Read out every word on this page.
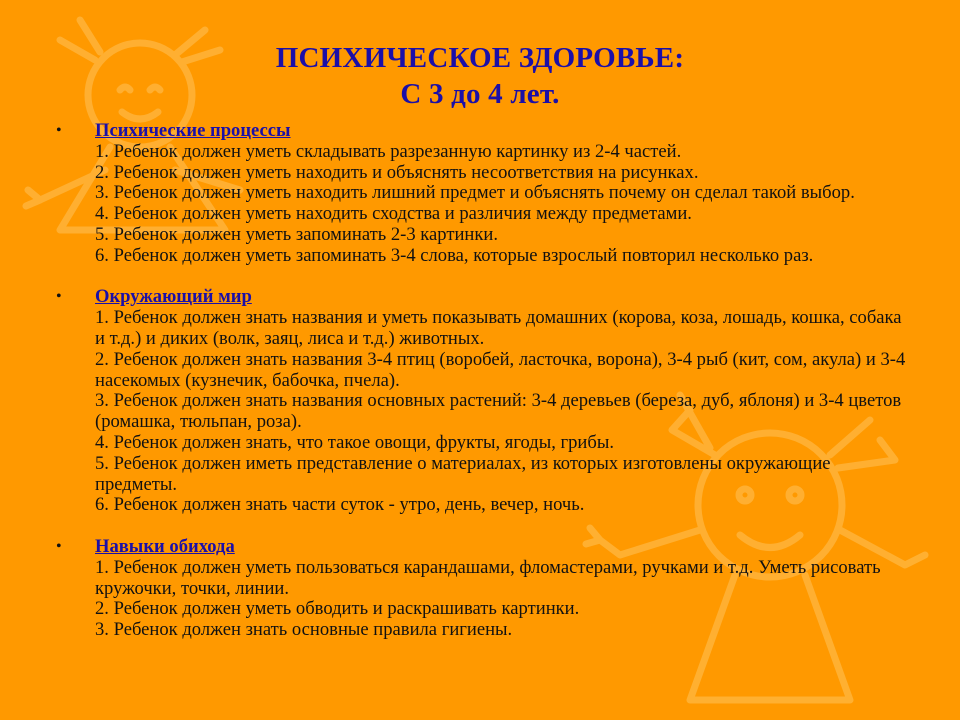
ПСИХИЧЕСКОЕ ЗДОРОВЬЕ:
С 3 до 4 лет.
• Психические процессы
1. Ребенок должен уметь складывать разрезанную картинку из 2-4 частей.
2. Ребенок должен уметь находить и объяснять несоответствия на рисунках.
3. Ребенок должен уметь находить лишний предмет и объяснять почему он сделал такой выбор.
4. Ребенок должен уметь находить сходства и различия между предметами.
5. Ребенок должен уметь запоминать 2-3 картинки.
6. Ребенок должен уметь запоминать 3-4 слова, которые взрослый повторил несколько раз.
• Окружающий мир
1. Ребенок должен знать названия и уметь показывать домашних (корова, коза, лошадь, кошка, собака и т.д.) и диких (волк, заяц, лиса и т.д.) животных.
2. Ребенок должен знать названия 3-4 птиц (воробей, ласточка, ворона), 3-4 рыб (кит, сом, акула) и 3-4 насекомых (кузнечик, бабочка, пчела).
3. Ребенок должен знать названия основных растений: 3-4 деревьев (береза, дуб, яблоня) и 3-4 цветов (ромашка, тюльпан, роза).
4. Ребенок должен знать, что такое овощи, фрукты, ягоды, грибы.
5. Ребенок должен иметь представление о материалах, из которых изготовлены окружающие предметы.
6. Ребенок должен знать части суток - утро, день, вечер, ночь.
• Навыки обихода
1. Ребенок должен уметь пользоваться карандашами, фломастерами, ручками и т.д. Уметь рисовать кружочки, точки, линии.
2. Ребенок должен уметь обводить и раскрашивать картинки.
3. Ребенок должен знать основные правила гигиены.
